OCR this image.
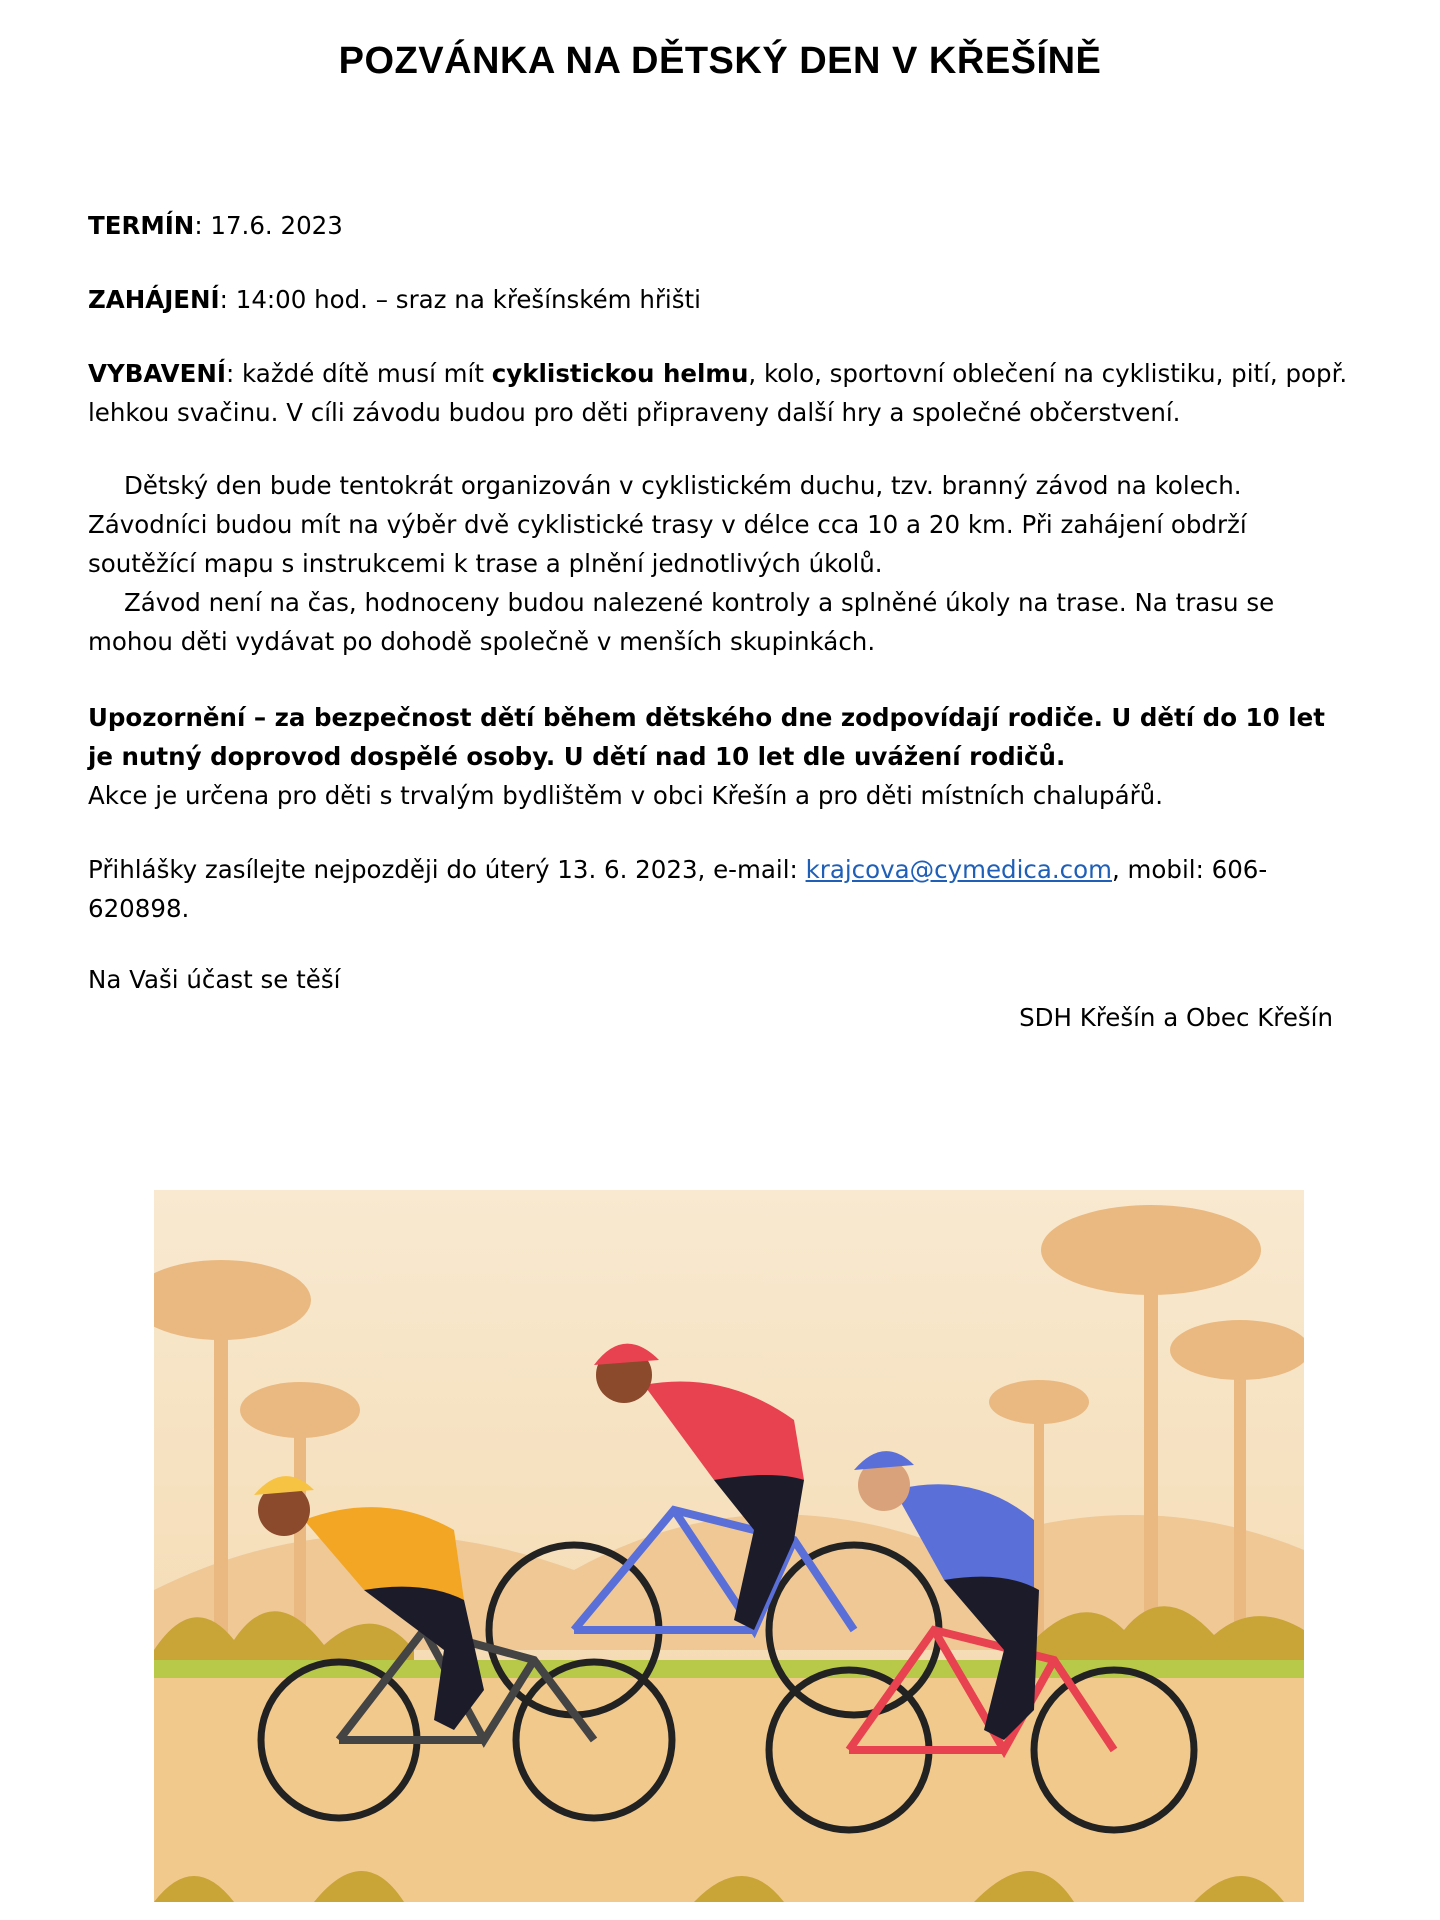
POZVÁNKA NA DĚTSKÝ DEN V KŘEŠÍNĚ

TERMÍN: 17.6. 2023

ZAHÁJENÍ: 14:00 hod. – sraz na křešínském hřišti

VYBAVENÍ: každé dítě musí mít cyklistickou helmu, kolo, sportovní oblečení na cyklistiku, pití, popř. lehkou svačinu. V cíli závodu budou pro děti připraveny další hry a společné občerstvení.

Dětský den bude tentokrát organizován v cyklistickém duchu, tzv. branný závod na kolech. Závodníci budou mít na výběr dvě cyklistické trasy v délce cca 10 a 20 km. Při zahájení obdrží soutěžící mapu s instrukcemi k trase a plnění jednotlivých úkolů.

Závod není na čas, hodnoceny budou nalezené kontroly a splněné úkoly na trase. Na trasu se mohou děti vydávat po dohodě společně v menších skupinkách.

Upozornění – za bezpečnost dětí během dětského dne zodpovídají rodiče. U dětí do 10 let je nutný doprovod dospělé osoby. U dětí nad 10 let dle uvážení rodičů.

Akce je určena pro děti s trvalým bydlištěm v obci Křešín a pro děti místních chalupářů.

Přihlášky zasílejte nejpozději do úterý 13. 6. 2023, e-mail: krajcova@cymedica.com, mobil: 606-620898.

Na Vaši účast se těší

SDH Křešín a Obec Křešín
